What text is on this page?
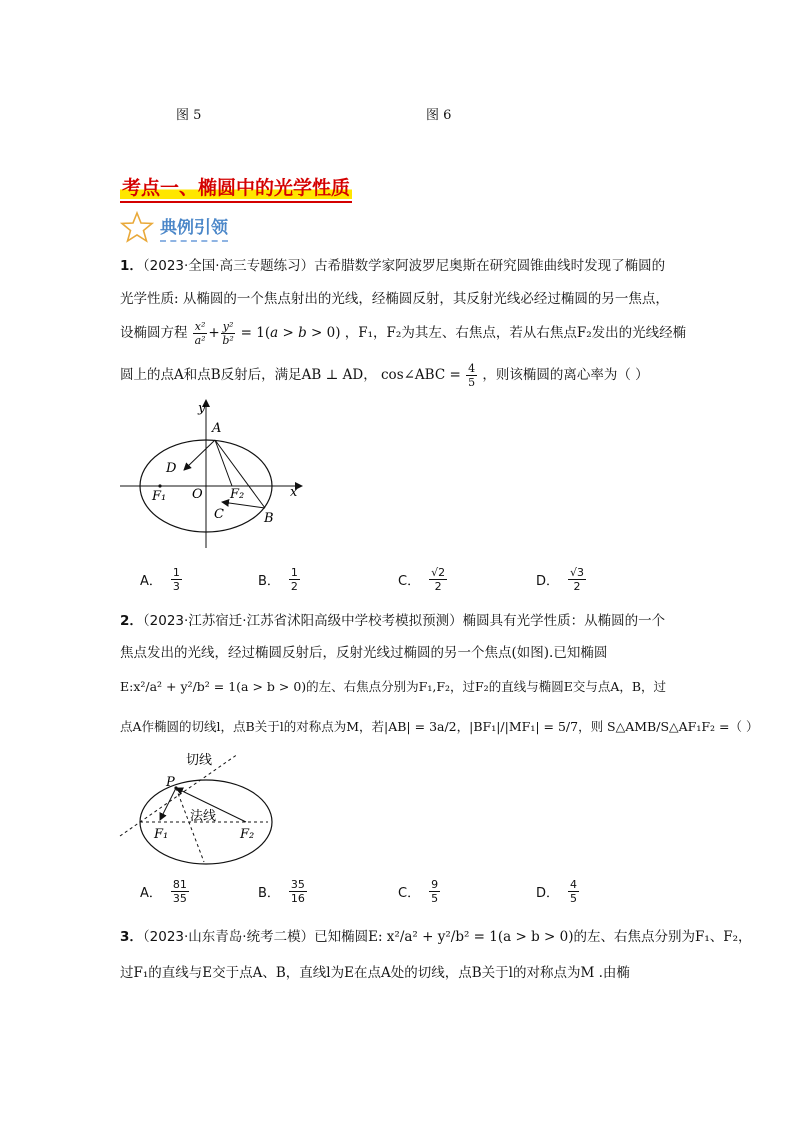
图 5	图 6
考点一、椭圆中的光学性质
典例引领
1．（2023·全国·高三专题练习）古希腊数学家阿波罗尼奥斯在研究圆锥曲线时发现了椭圆的
光学性质: 从椭圆的一个焦点射出的光线，经椭圆反射，其反射光线必经过椭圆的另一焦点，
设椭圆方程 $\frac{\text{x²}}{\text{a²}} + \frac{\text{y²}}{\text{b²}} = 1(a > b > 0)$ ，F₁，F₂为其左、右焦点，若从右焦点F₂发出的光线经椭
圆上的点A和点B反射后，满足AB ⊥ AD， cos∠ABC = $\frac{4}{5}$ ，则该椭圆的离心率为（ ）
y
x
A
B
C
D
O
F₁	F₂
A． $\frac{1}{3}$	B． $\frac{1}{2}$	C． $\frac{√2}{2}$	D． $\frac{√3}{2}$
2．（2023·江苏宿迁·江苏省沭阳高级中学校考模拟预测）椭圆具有光学性质：从椭圆的一个
焦点发出的光线，经过椭圆反射后，反射光线过椭圆的另一个焦点(如图).已知椭圆
E:x²/a² + y²/b² = 1(a > b > 0)的左、右焦点分别为F₁,F₂，过F₂的直线与椭圆E交与点A，B，过
点A作椭圆的切线l，点B关于l的对称点为M，若|AB| = 3a/2，|BF₁|/|MF₁| = 5/7，则 S△AMB/S△AF₁F₂ =（ ）
切线
法线
P
F₁	F₂
A． $\frac{81}{35}$	B． $\frac{35}{16}$	C． $\frac{9}{5}$	D． $\frac{4}{5}$
3．（2023·山东青岛·统考二模）已知椭圆E: x²/a² + y²/b² = 1(a > b > 0)的左、右焦点分别为F₁、F₂，
过F₁的直线与E交于点A、B，直线l为E在点A处的切线，点B关于l的对称点为M .由椭
